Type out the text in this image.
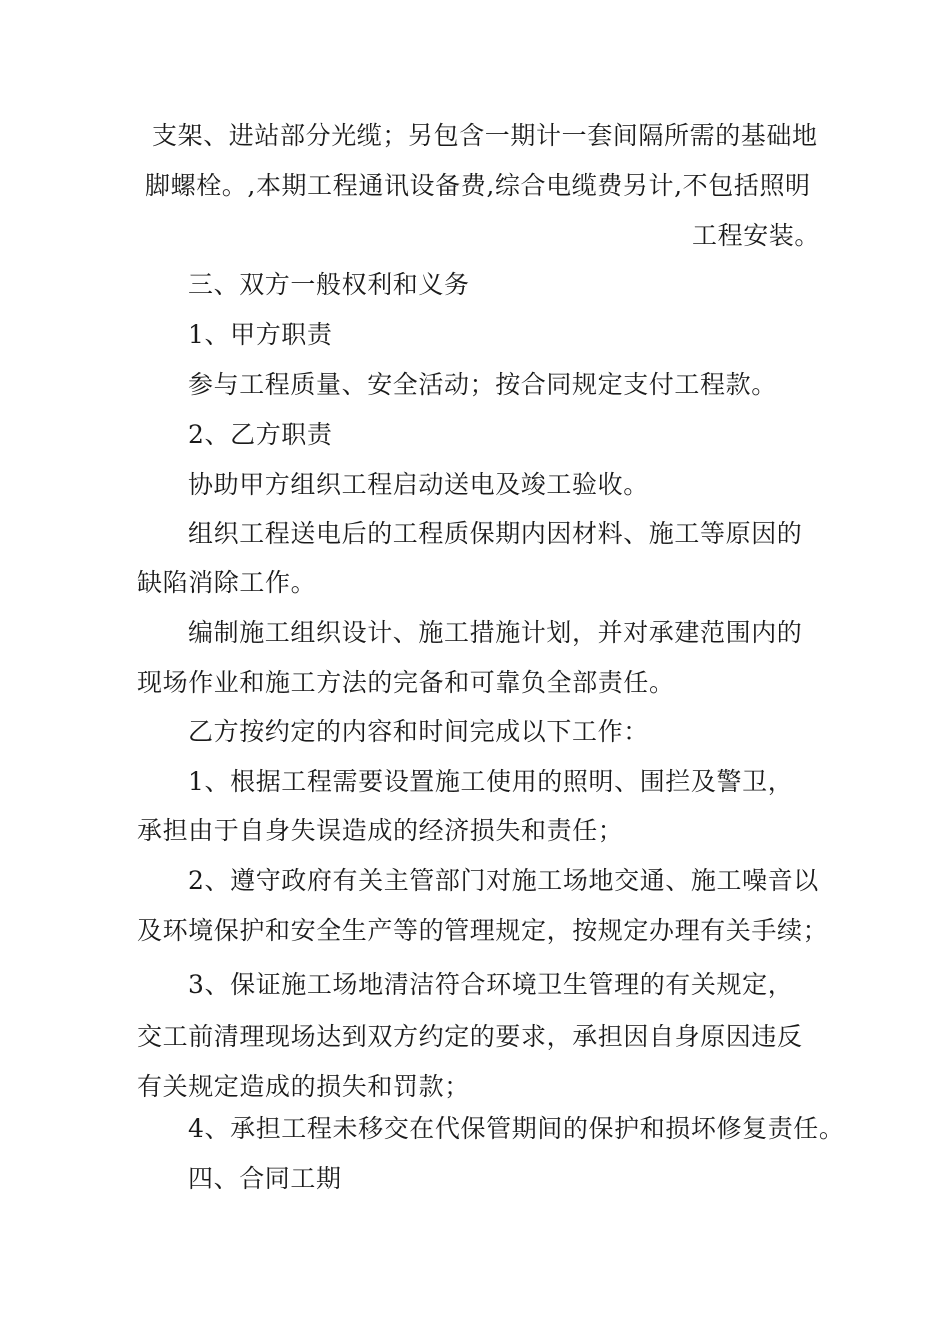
支架、进站部分光缆；另包含一期计一套间隔所需的基础地
脚螺栓。,本期工程通讯设备费,综合电缆费另计,不包括照明
工程安装。
三、双方一般权利和义务
1、甲方职责
参与工程质量、安全活动；按合同规定支付工程款。
2、乙方职责
协助甲方组织工程启动送电及竣工验收。
组织工程送电后的工程质保期内因材料、施工等原因的
缺陷消除工作。
编制施工组织设计、施工措施计划，并对承建范围内的
现场作业和施工方法的完备和可靠负全部责任。
乙方按约定的内容和时间完成以下工作：
1、根据工程需要设置施工使用的照明、围拦及警卫，
承担由于自身失误造成的经济损失和责任；
2、遵守政府有关主管部门对施工场地交通、施工噪音以
及环境保护和安全生产等的管理规定，按规定办理有关手续；
3、保证施工场地清洁符合环境卫生管理的有关规定，
交工前清理现场达到双方约定的要求，承担因自身原因违反
有关规定造成的损失和罚款；
4、承担工程未移交在代保管期间的保护和损坏修复责任。
四、合同工期
